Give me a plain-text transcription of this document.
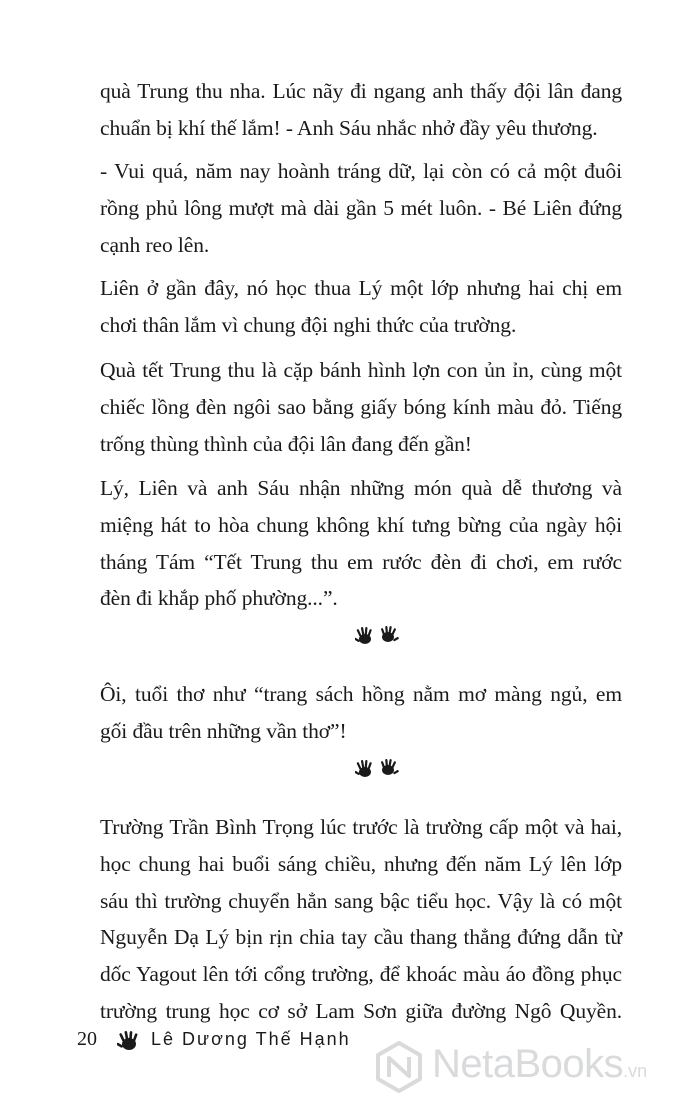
quà Trung thu nha. Lúc nãy đi ngang anh thấy đội lân đang
chuẩn bị khí thế lắm! - Anh Sáu nhắc nhở đầy yêu thương.
- Vui quá, năm nay hoành tráng dữ, lại còn có cả một đuôi
rồng phủ lông mượt mà dài gần 5 mét luôn. - Bé Liên đứng
cạnh reo lên.
Liên ở gần đây, nó học thua Lý một lớp nhưng hai chị em
chơi thân lắm vì chung đội nghi thức của trường.
Quà tết Trung thu là cặp bánh hình lợn con ủn ỉn, cùng một
chiếc lồng đèn ngôi sao bằng giấy bóng kính màu đỏ. Tiếng
trống thùng thình của đội lân đang đến gần!
Lý, Liên và anh Sáu nhận những món quà dễ thương và
miệng hát to hòa chung không khí tưng bừng của ngày hội
tháng Tám “Tết Trung thu em rước đèn đi chơi, em rước
đèn đi khắp phố phường...”.
Ôi, tuổi thơ như “trang sách hồng nằm mơ màng ngủ, em
gối đầu trên những vần thơ”!
Trường Trần Bình Trọng lúc trước là trường cấp một và hai,
học chung hai buổi sáng chiều, nhưng đến năm Lý lên lớp
sáu thì trường chuyển hẳn sang bậc tiểu học. Vậy là có một
Nguyễn Dạ Lý bịn rịn chia tay cầu thang thẳng đứng dẫn từ
dốc Yagout lên tới cổng trường, để khoác màu áo đồng phục
trường trung học cơ sở Lam Sơn giữa đường Ngô Quyền.
20	Lê Dương Thế Hạnh
NetaBooks.vn
